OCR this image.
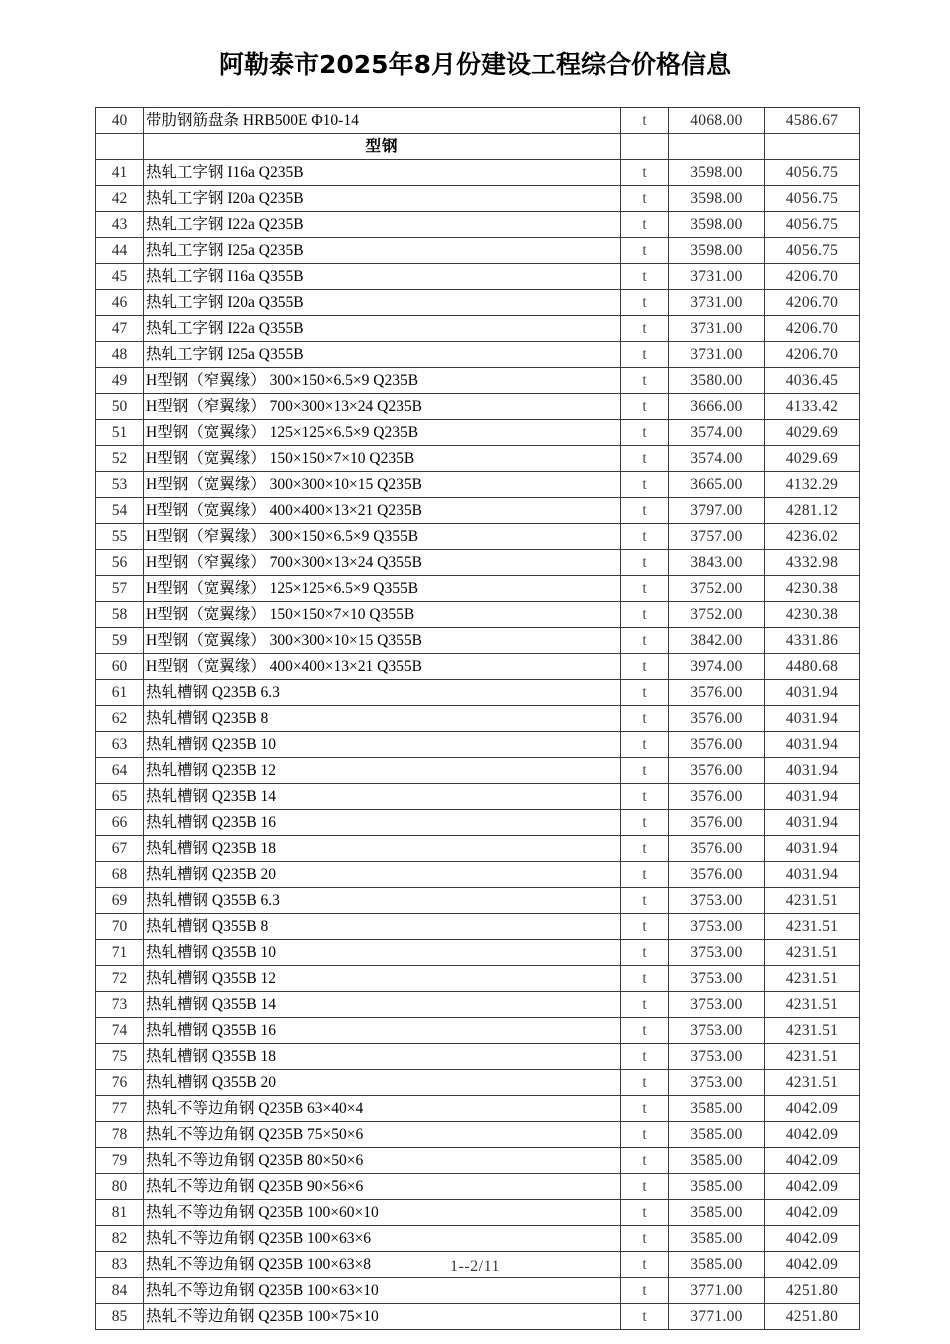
阿勒泰市2025年8月份建设工程综合价格信息
40	带肋钢筋盘条 HRB500E Φ10-14	t	4068.00	4586.67
	型钢			
41	热轧工字钢 I16a Q235B	t	3598.00	4056.75
42	热轧工字钢 I20a Q235B	t	3598.00	4056.75
43	热轧工字钢 I22a Q235B	t	3598.00	4056.75
44	热轧工字钢 I25a Q235B	t	3598.00	4056.75
45	热轧工字钢 I16a Q355B	t	3731.00	4206.70
46	热轧工字钢 I20a Q355B	t	3731.00	4206.70
47	热轧工字钢 I22a Q355B	t	3731.00	4206.70
48	热轧工字钢 I25a Q355B	t	3731.00	4206.70
49	H型钢（窄翼缘） 300×150×6.5×9 Q235B	t	3580.00	4036.45
50	H型钢（窄翼缘） 700×300×13×24 Q235B	t	3666.00	4133.42
51	H型钢（宽翼缘） 125×125×6.5×9 Q235B	t	3574.00	4029.69
52	H型钢（宽翼缘） 150×150×7×10 Q235B	t	3574.00	4029.69
53	H型钢（宽翼缘） 300×300×10×15 Q235B	t	3665.00	4132.29
54	H型钢（宽翼缘） 400×400×13×21 Q235B	t	3797.00	4281.12
55	H型钢（窄翼缘） 300×150×6.5×9 Q355B	t	3757.00	4236.02
56	H型钢（窄翼缘） 700×300×13×24 Q355B	t	3843.00	4332.98
57	H型钢（宽翼缘） 125×125×6.5×9 Q355B	t	3752.00	4230.38
58	H型钢（宽翼缘） 150×150×7×10 Q355B	t	3752.00	4230.38
59	H型钢（宽翼缘） 300×300×10×15 Q355B	t	3842.00	4331.86
60	H型钢（宽翼缘） 400×400×13×21 Q355B	t	3974.00	4480.68
61	热轧槽钢 Q235B 6.3	t	3576.00	4031.94
62	热轧槽钢 Q235B 8	t	3576.00	4031.94
63	热轧槽钢 Q235B 10	t	3576.00	4031.94
64	热轧槽钢 Q235B 12	t	3576.00	4031.94
65	热轧槽钢 Q235B 14	t	3576.00	4031.94
66	热轧槽钢 Q235B 16	t	3576.00	4031.94
67	热轧槽钢 Q235B 18	t	3576.00	4031.94
68	热轧槽钢 Q235B 20	t	3576.00	4031.94
69	热轧槽钢 Q355B 6.3	t	3753.00	4231.51
70	热轧槽钢 Q355B 8	t	3753.00	4231.51
71	热轧槽钢 Q355B 10	t	3753.00	4231.51
72	热轧槽钢 Q355B 12	t	3753.00	4231.51
73	热轧槽钢 Q355B 14	t	3753.00	4231.51
74	热轧槽钢 Q355B 16	t	3753.00	4231.51
75	热轧槽钢 Q355B 18	t	3753.00	4231.51
76	热轧槽钢 Q355B 20	t	3753.00	4231.51
77	热轧不等边角钢 Q235B 63×40×4	t	3585.00	4042.09
78	热轧不等边角钢 Q235B 75×50×6	t	3585.00	4042.09
79	热轧不等边角钢 Q235B 80×50×6	t	3585.00	4042.09
80	热轧不等边角钢 Q235B 90×56×6	t	3585.00	4042.09
81	热轧不等边角钢 Q235B 100×60×10	t	3585.00	4042.09
82	热轧不等边角钢 Q235B 100×63×6	t	3585.00	4042.09
83	热轧不等边角钢 Q235B 100×63×8	t	3585.00	4042.09
84	热轧不等边角钢 Q235B 100×63×10	t	3771.00	4251.80
85	热轧不等边角钢 Q235B 100×75×10	t	3771.00	4251.80
1--2/11
